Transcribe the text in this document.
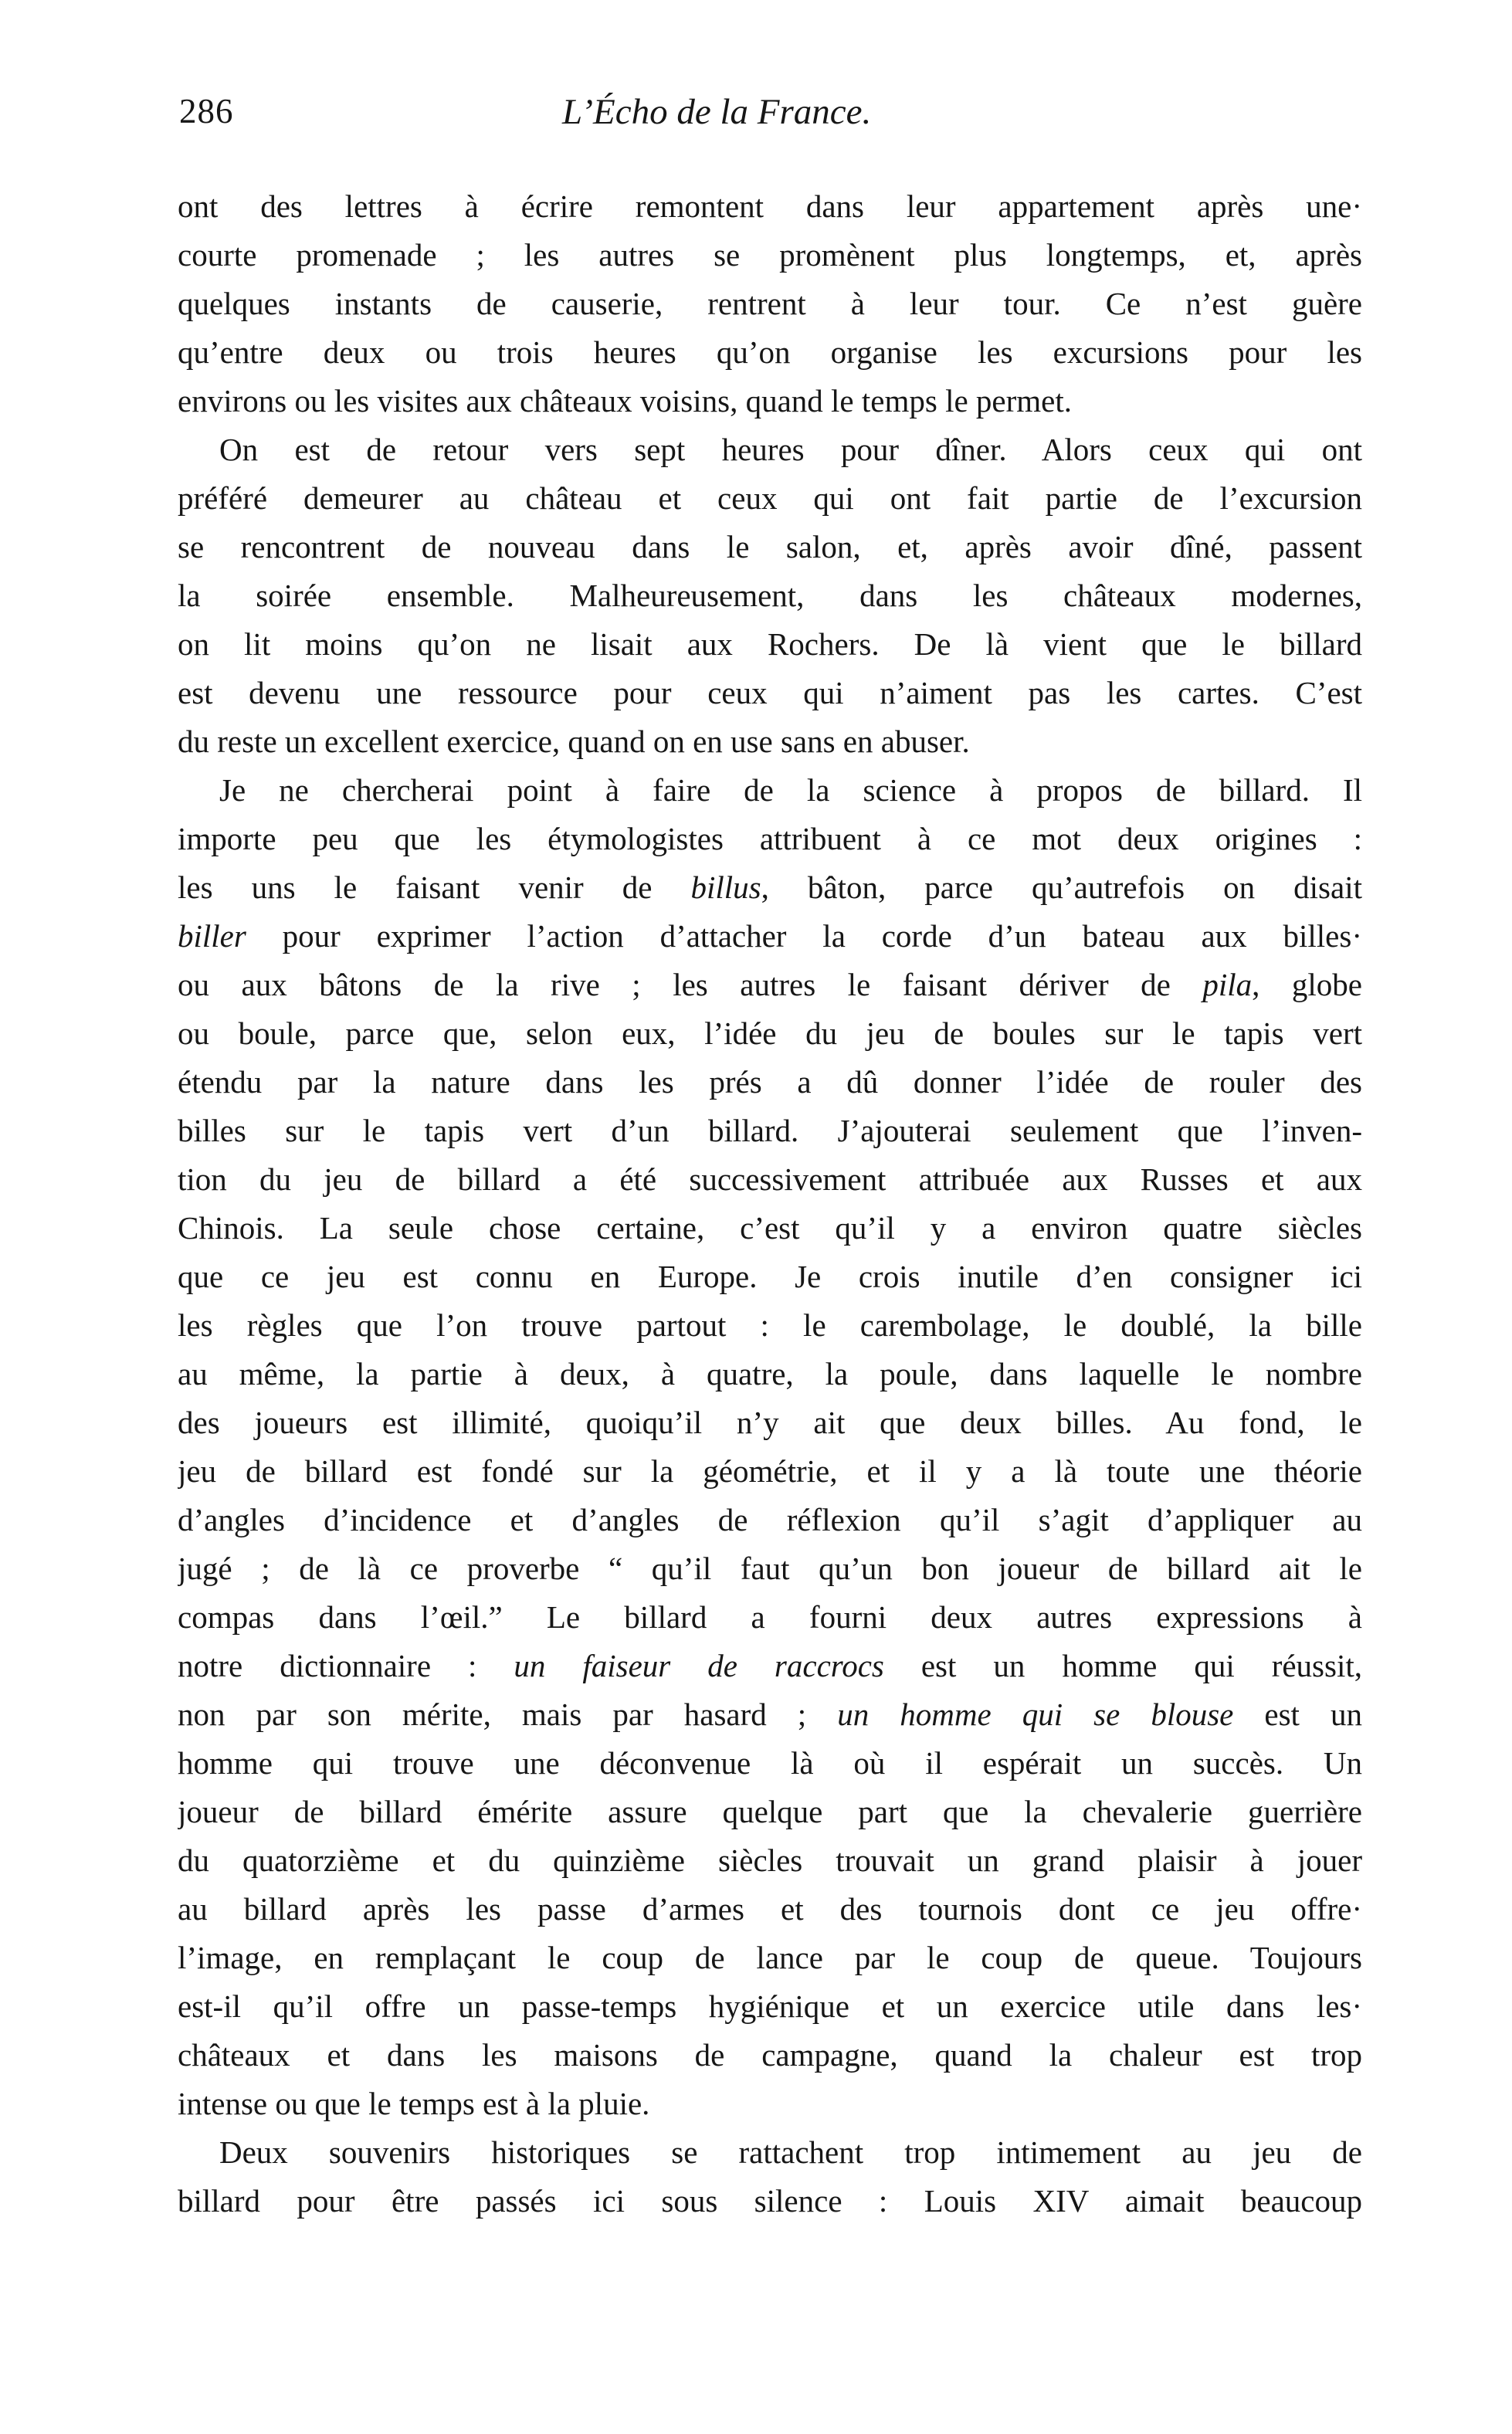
286	L’Écho de la France.
ont des lettres à écrire remontent dans leur appartement après une·
courte promenade ; les autres se promènent plus longtemps, et, après
quelques instants de causerie, rentrent à leur tour. Ce n’est guère
qu’entre deux ou trois heures qu’on organise les excursions pour les
environs ou les visites aux châteaux voisins, quand le temps le permet.
On est de retour vers sept heures pour dîner. Alors ceux qui ont
préféré demeurer au château et ceux qui ont fait partie de l’excursion
se rencontrent de nouveau dans le salon, et, après avoir dîné, passent
la soirée ensemble. Malheureusement, dans les châteaux modernes,
on lit moins qu’on ne lisait aux Rochers. De là vient que le billard
est devenu une ressource pour ceux qui n’aiment pas les cartes. C’est
du reste un excellent exercice, quand on en use sans en abuser.
Je ne chercherai point à faire de la science à propos de billard. Il
importe peu que les étymologistes attribuent à ce mot deux origines :
les uns le faisant venir de billus, bâton, parce qu’autrefois on disait
biller pour exprimer l’action d’attacher la corde d’un bateau aux billes·
ou aux bâtons de la rive ; les autres le faisant dériver de pila, globe
ou boule, parce que, selon eux, l’idée du jeu de boules sur le tapis vert
étendu par la nature dans les prés a dû donner l’idée de rouler des
billes sur le tapis vert d’un billard. J’ajouterai seulement que l’inven-
tion du jeu de billard a été successivement attribuée aux Russes et aux
Chinois. La seule chose certaine, c’est qu’il y a environ quatre siècles
que ce jeu est connu en Europe. Je crois inutile d’en consigner ici
les règles que l’on trouve partout : le carembolage, le doublé, la bille
au même, la partie à deux, à quatre, la poule, dans laquelle le nombre
des joueurs est illimité, quoiqu’il n’y ait que deux billes. Au fond, le
jeu de billard est fondé sur la géométrie, et il y a là toute une théorie
d’angles d’incidence et d’angles de réflexion qu’il s’agit d’appliquer au
jugé ; de là ce proverbe “ qu’il faut qu’un bon joueur de billard ait le
compas dans l’œil.” Le billard a fourni deux autres expressions à
notre dictionnaire : un faiseur de raccrocs est un homme qui réussit,
non par son mérite, mais par hasard ; un homme qui se blouse est un
homme qui trouve une déconvenue là où il espérait un succès. Un
joueur de billard émérite assure quelque part que la chevalerie guerrière
du quatorzième et du quinzième siècles trouvait un grand plaisir à jouer
au billard après les passe d’armes et des tournois dont ce jeu offre·
l’image, en remplaçant le coup de lance par le coup de queue. Toujours
est-il qu’il offre un passe-temps hygiénique et un exercice utile dans les·
châteaux et dans les maisons de campagne, quand la chaleur est trop
intense ou que le temps est à la pluie.
Deux souvenirs historiques se rattachent trop intimement au jeu de
billard pour être passés ici sous silence : Louis XIV aimait beaucoup
